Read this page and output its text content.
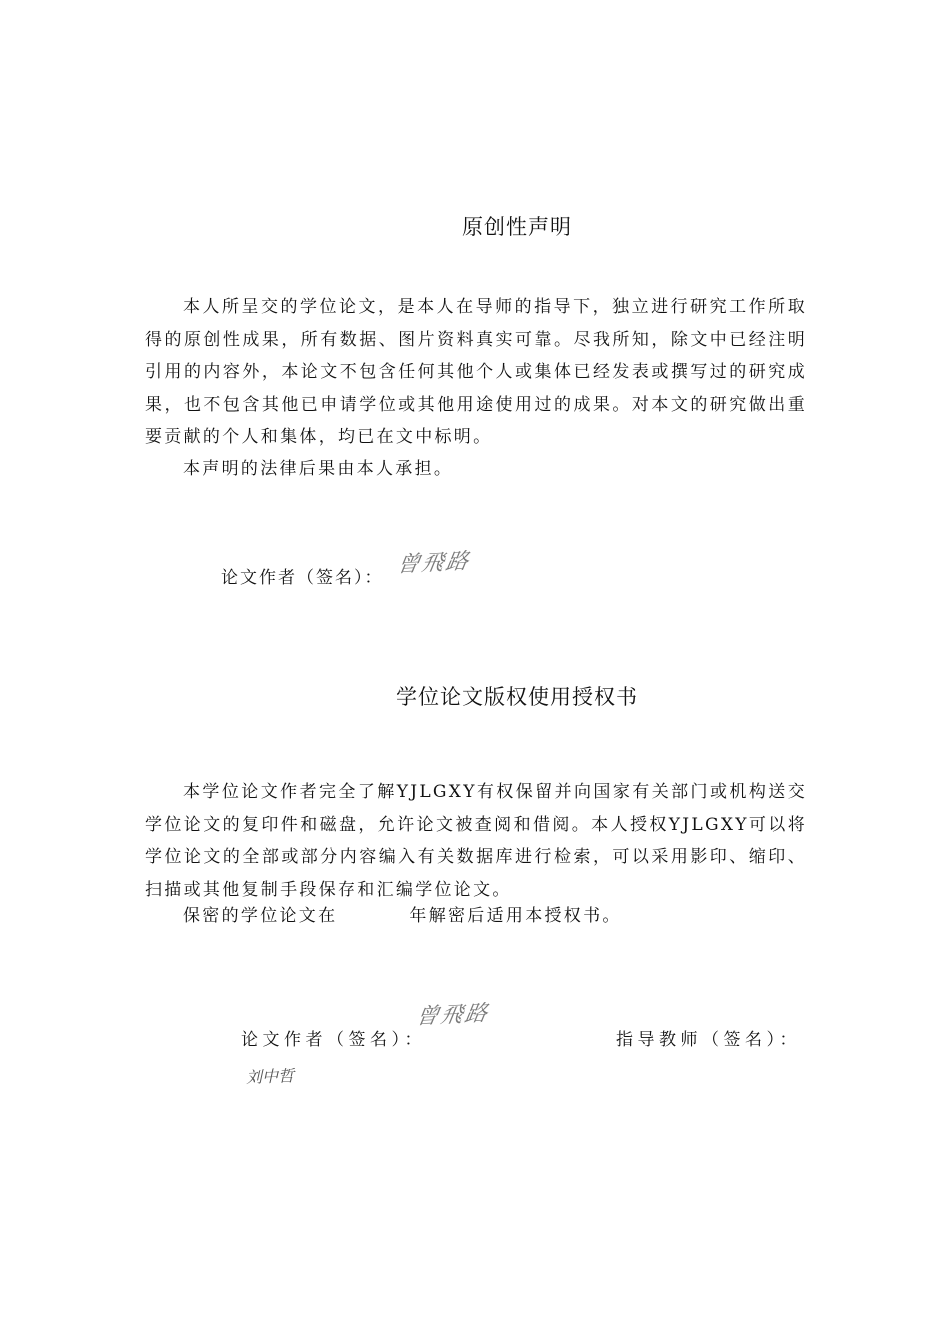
原创性声明

本人所呈交的学位论文，是本人在导师的指导下，独立进行研究工作所取得的原创性成果，所有数据、图片资料真实可靠。尽我所知，除文中已经注明引用的内容外，本论文不包含任何其他个人或集体已经发表或撰写过的研究成果，也不包含其他已申请学位或其他用途使用过的成果。对本文的研究做出重要贡献的个人和集体，均已在文中标明。

本声明的法律后果由本人承担。

论文作者（签名）：
曾飛路
学位论文版权使用授权书

本学位论文作者完全了解YJLGXY有权保留并向国家有关部门或机构送交学位论文的复印件和磁盘，允许论文被查阅和借阅。本人授权YJLGXY可以将学位论文的全部或部分内容编入有关数据库进行检索，可以采用影印、缩印、扫描或其他复制手段保存和汇编学位论文。

保密的学位论文在	年解密后适用本授权书。

论文作者（签名）：
曾飛路
指导教师（签名）：
刘中哲
